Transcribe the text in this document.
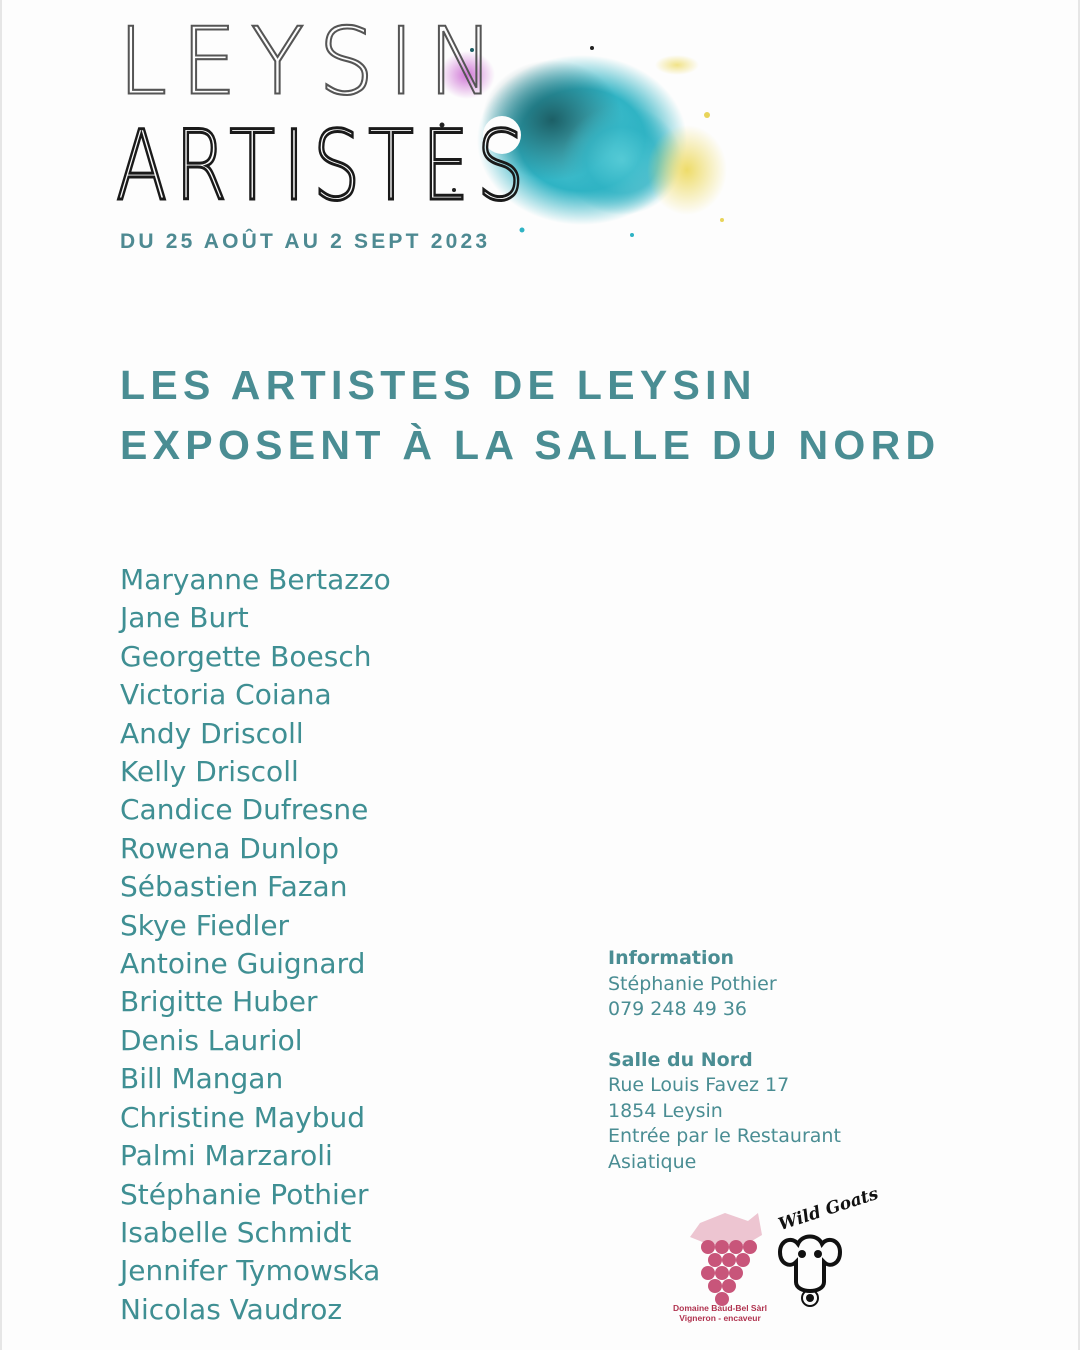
LEYSIN
ARTISTES
DU 25 AOÛT AU 2 SEPT 2023
LES ARTISTES DE LEYSIN
EXPOSENT À LA SALLE DU NORD
Maryanne Bertazzo
Jane Burt
Georgette Boesch
Victoria Coiana
Andy Driscoll
Kelly Driscoll
Candice Dufresne
Rowena Dunlop
Sébastien Fazan
Skye Fiedler
Antoine Guignard
Brigitte Huber
Denis Lauriol
Bill Mangan
Christine Maybud
Palmi Marzaroli
Stéphanie Pothier
Isabelle Schmidt
Jennifer Tymowska
Nicolas Vaudroz
Information
Stéphanie Pothier
079 248 49 36
Salle du Nord
Rue Louis Favez 17
1854 Leysin
Entrée par le Restaurant
Asiatique
Domaine Baud-Bel Sàrl
Vigneron - encaveur
Wild Goats
